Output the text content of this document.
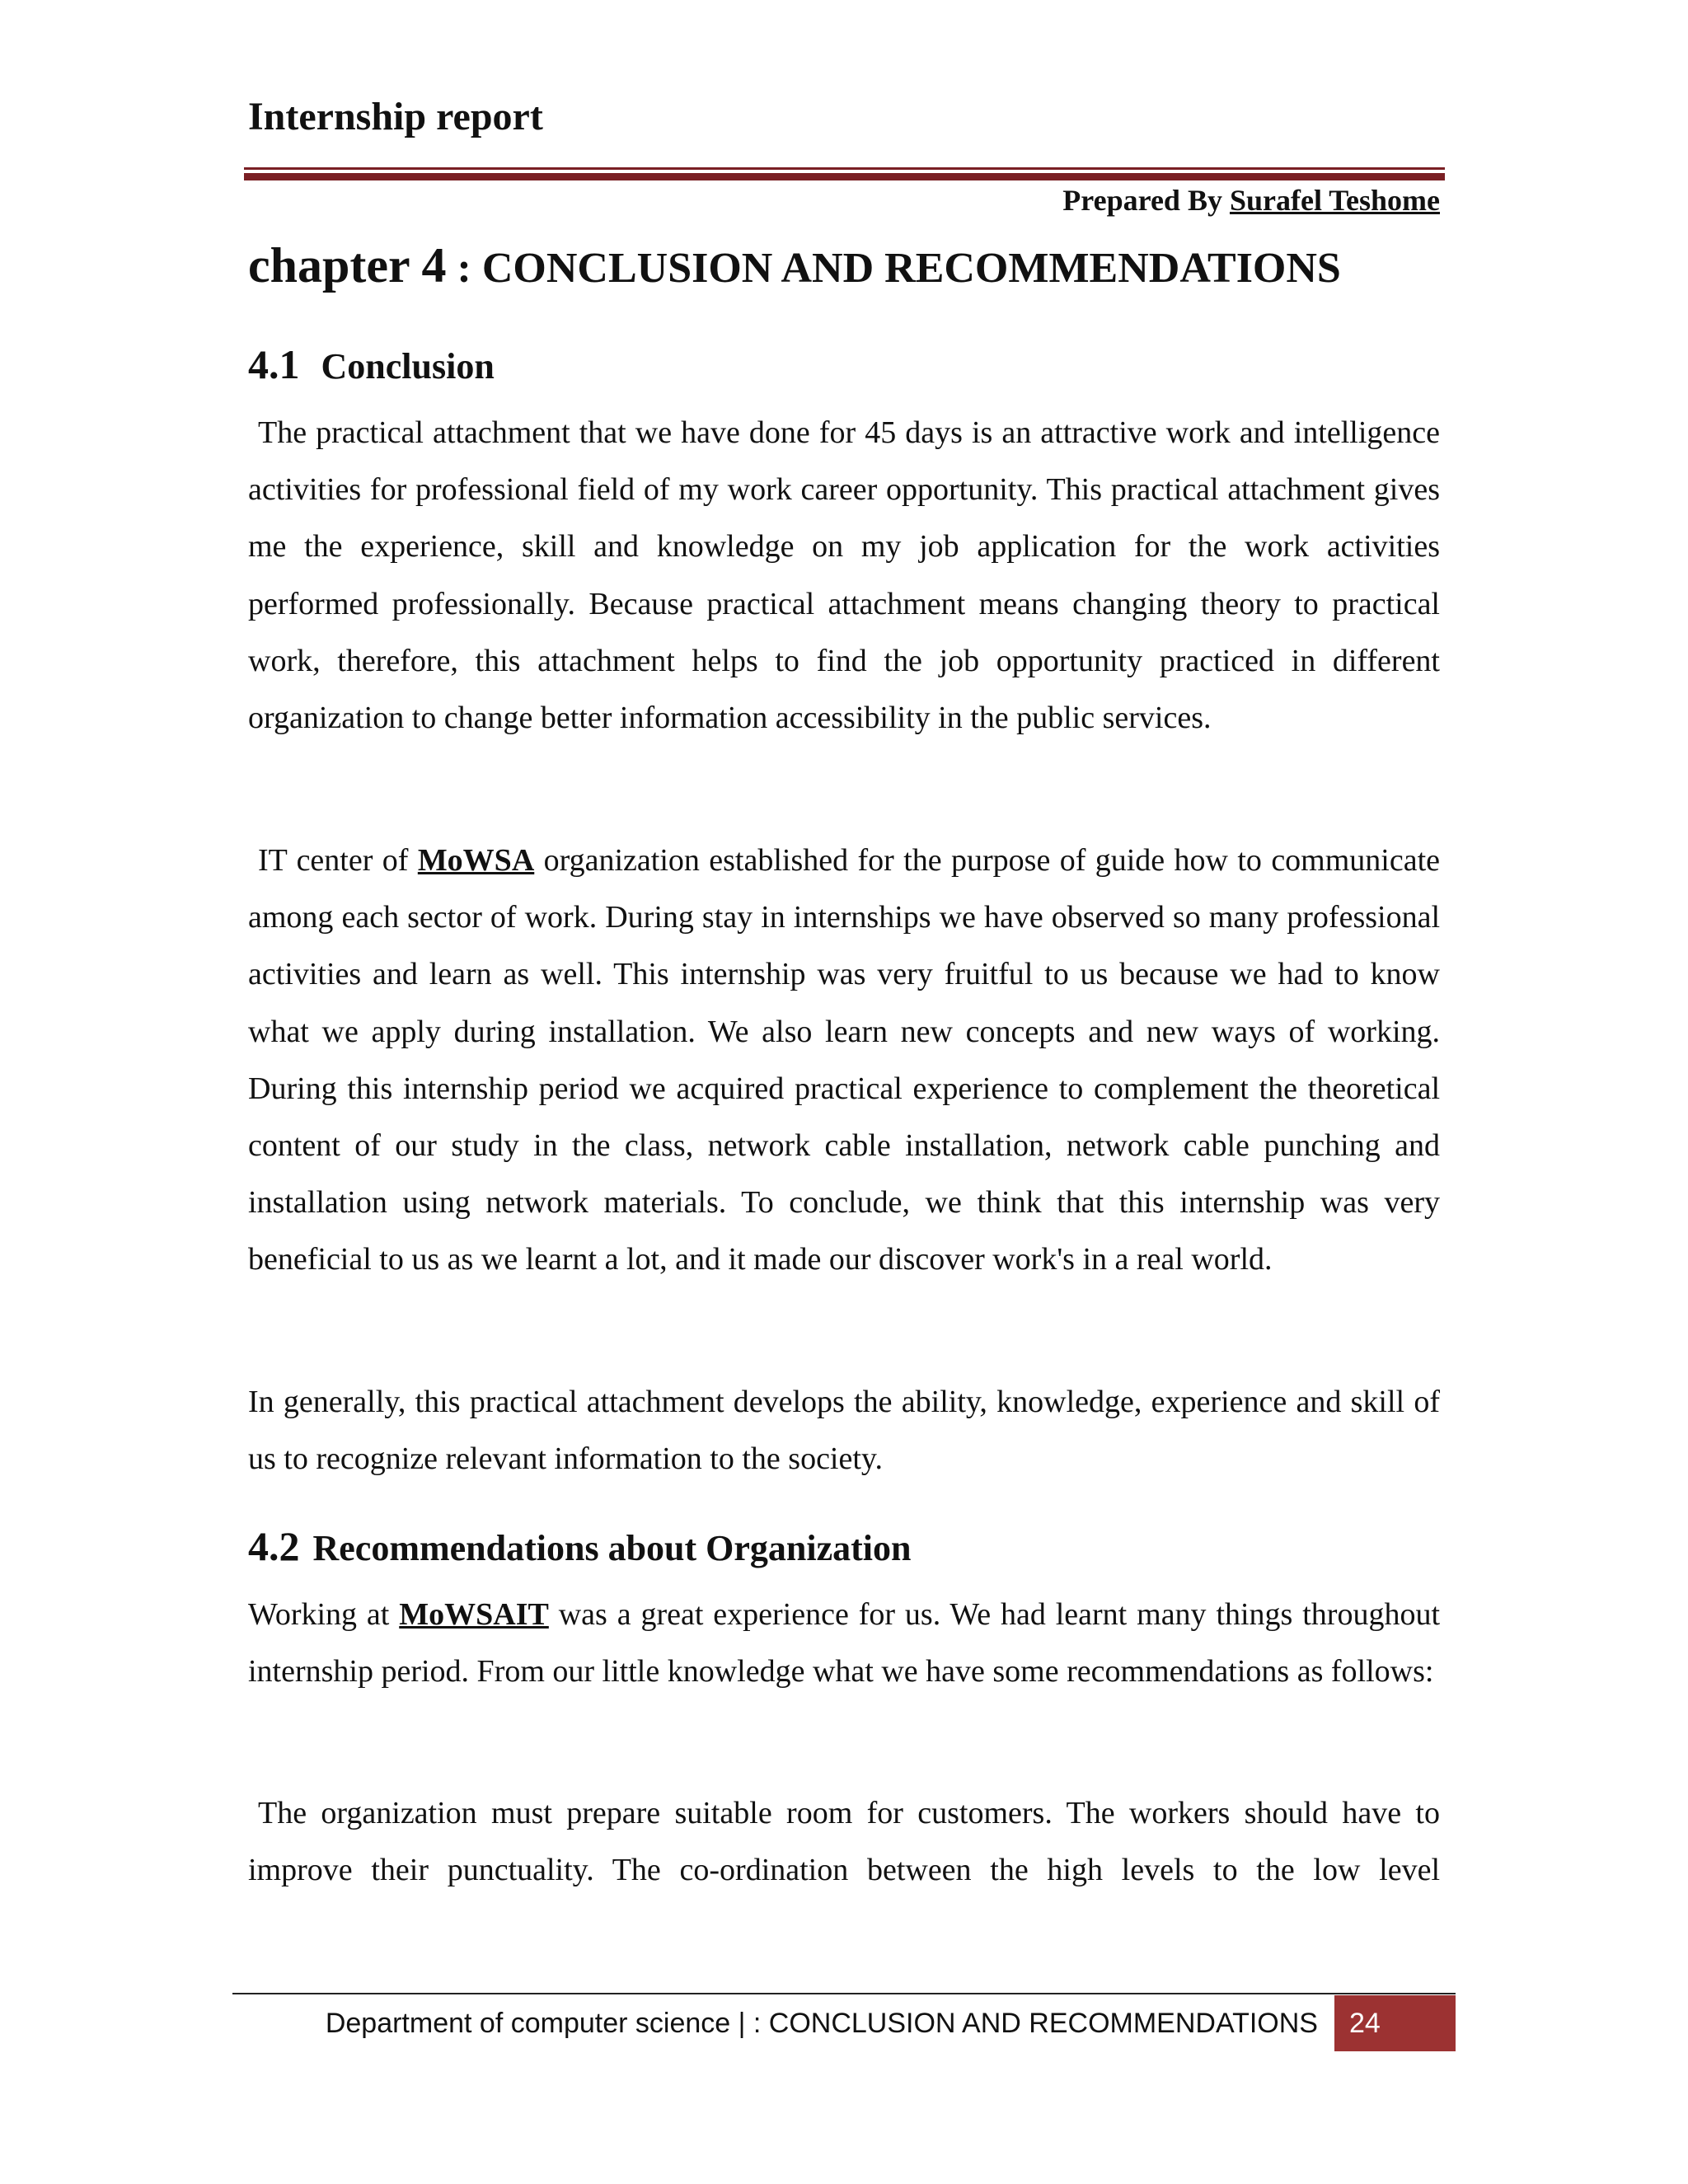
Internship report
Prepared By Surafel Teshome
chapter 4 : CONCLUSION AND RECOMMENDATIONS
4.1 Conclusion

The practical attachment that we have done for 45 days is an attractive work and intelligence activities for professional field of my work career opportunity. This practical attachment gives me the experience, skill and knowledge on my job application for the work activities performed professionally. Because practical attachment means changing theory to practical work, therefore, this attachment helps to find the job opportunity practiced in different organization to change better information accessibility in the public services.

IT center of MoWSA organization established for the purpose of guide how to communicate among each sector of work. During stay in internships we have observed so many professional activities and learn as well. This internship was very fruitful to us because we had to know what we apply during installation. We also learn new concepts and new ways of working. During this internship period we acquired practical experience to complement the theoretical content of our study in the class, network cable installation, network cable punching and installation using network materials. To conclude, we think that this internship was very beneficial to us as we learnt a lot, and it made our discover work's in a real world.

In generally, this practical attachment develops the ability, knowledge, experience and skill of us to recognize relevant information to the society.

4.2 Recommendations about Organization

Working at MoWSAIT was a great experience for us. We had learnt many things throughout internship period. From our little knowledge what we have some recommendations as follows:

The organization must prepare suitable room for customers. The workers should have to improve their punctuality. The co-ordination between the high levels to the low level

Department of computer science | : CONCLUSION AND RECOMMENDATIONS	24
